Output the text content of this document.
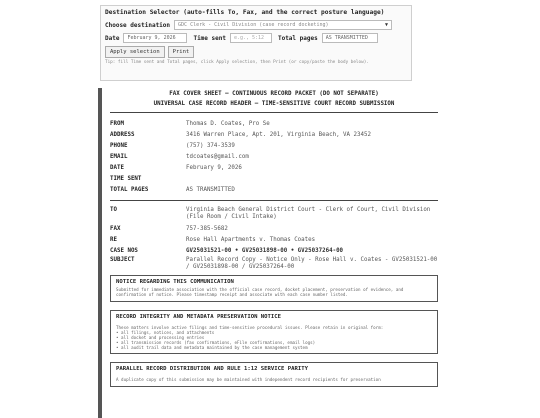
Destination Selector (auto-fills To, Fax, and the correct posture language)
Choose destination GDC Clerk - Civil Division (case record docketing)	▼
Date	February 9, 2026	Time sent	e.g., 5:12	Total pages	AS TRANSMITTED
Apply selection	Print
Tip: fill Time sent and Total pages, click Apply selection, then Print (or copy/paste the body below).
FAX COVER SHEET — CONTINUOUS RECORD PACKET (DO NOT SEPARATE)
UNIVERSAL CASE RECORD HEADER — TIME-SENSITIVE COURT RECORD SUBMISSION
FROM	Thomas D. Coates, Pro Se
ADDRESS	3416 Warren Place, Apt. 201, Virginia Beach, VA 23452
PHONE	(757) 374-3539
EMAIL	tdcoates@gmail.com
DATE	February 9, 2026
TIME SENT
TOTAL PAGES	AS TRANSMITTED
TO	Virginia Beach General District Court - Clerk of Court, Civil Division (File Room / Civil Intake)
FAX	757-385-5682
RE	Rose Hall Apartments v. Thomas Coates
CASE NOS	GV25031521-00 • GV25031898-00 • GV25037264-00
SUBJECT	Parallel Record Copy - Notice Only - Rose Hall v. Coates - GV25031521-00 / GV25031898-00 / GV25037264-00
NOTICE REGARDING THIS COMMUNICATION
Submitted for immediate association with the official case record, docket placement, preservation of evidence, and confirmation of notice. Please timestamp receipt and associate with each case number listed.
RECORD INTEGRITY AND METADATA PRESERVATION NOTICE
These matters involve active filings and time-sensitive procedural issues. Please retain in original form:
• all filings, notices, and attachments
• all docket and processing entries
• all transmission records (fax confirmations, eFile confirmations, email logs)
• all audit trail data and metadata maintained by the case management system
PARALLEL RECORD DISTRIBUTION AND RULE 1:12 SERVICE PARITY
A duplicate copy of this submission may be maintained with independent record recipients for preservation
